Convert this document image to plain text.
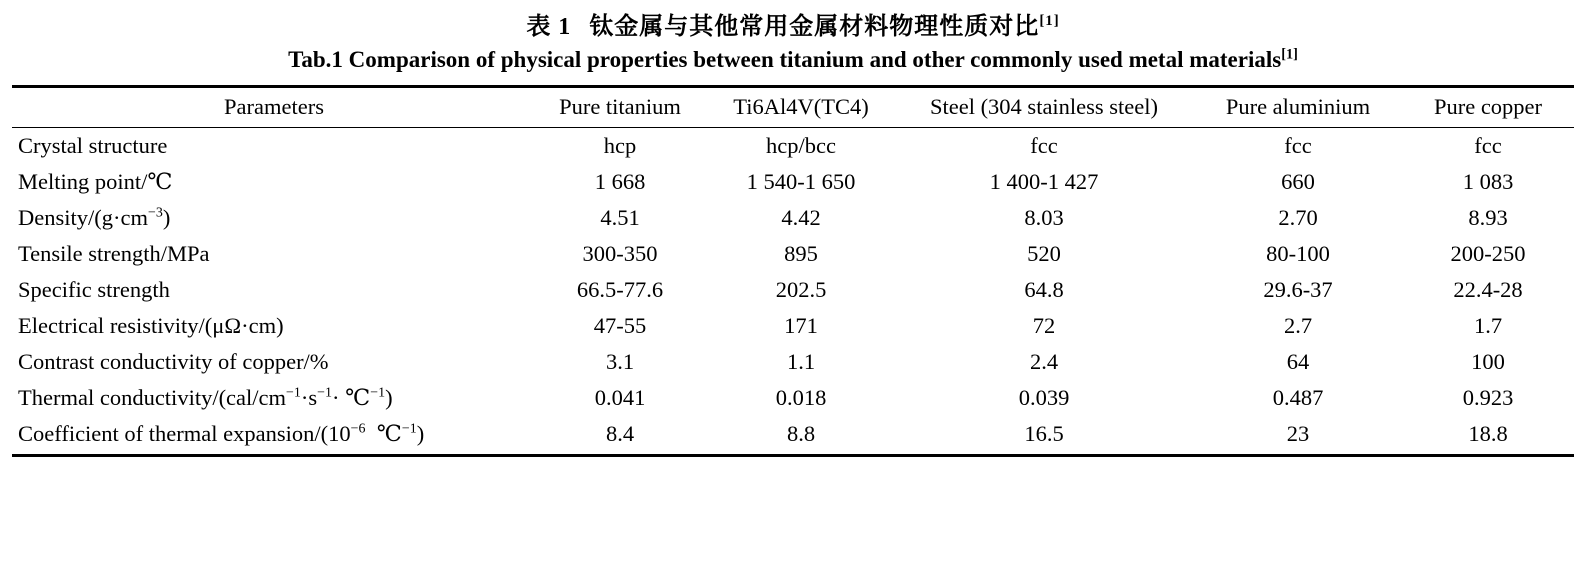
表 1 钛金属与其他常用金属材料物理性质对比[1]
Tab.1 Comparison of physical properties between titanium and other commonly used metal materials[1]
Parameters	Pure titanium	Ti6Al4V(TC4)	Steel (304 stainless steel)	Pure aluminium	Pure copper
Crystal structure	hcp	hcp/bcc	fcc	fcc	fcc
Melting point/℃	1 668	1 540-1 650	1 400-1 427	660	1 083
Density/$(g\cdot cm^{-3})$	4.51	4.42	8.03	2.70	8.93
Tensile strength/MPa	300-350	895	520	80-100	200-250
Specific strength	66.5-77.6	202.5	64.8	29.6-37	22.4-28
Electrical resistivity/(μΩ·cm)	47-55	171	72	2.7	1.7
Contrast conductivity of copper/%	3.1	1.1	2.4	64	100
Thermal conductivity/($cal/cm^{-1}\cdot s^{-1}\cdot$ ℃$^{-1}$)	0.041	0.018	0.039	0.487	0.923
Coefficient of thermal expansion/($10^{-6}$ ℃$^{-1}$)	8.4	8.8	16.5	23	18.8
